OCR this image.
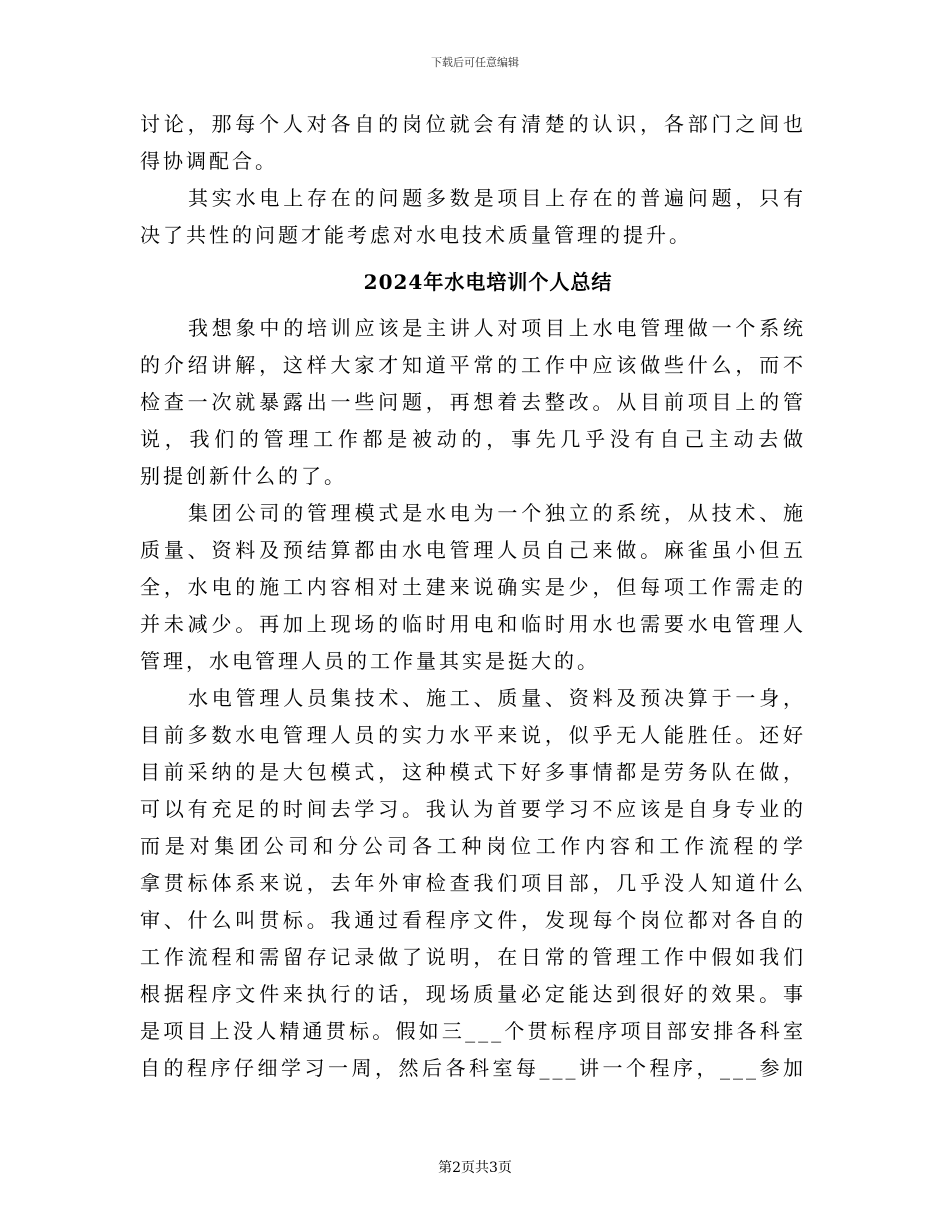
下载后可任意编辑
讨论，那每个人对各自的岗位就会有清楚的认识，各部门之间也
得协调配合。
其实水电上存在的问题多数是项目上存在的普遍问题，只有
决了共性的问题才能考虑对水电技术质量管理的提升。
2024年水电培训个人总结
我想象中的培训应该是主讲人对项目上水电管理做一个系统
的介绍讲解，这样大家才知道平常的工作中应该做些什么，而不
检查一次就暴露出一些问题，再想着去整改。从目前项目上的管
说，我们的管理工作都是被动的，事先几乎没有自己主动去做
别提创新什么的了。
集团公司的管理模式是水电为一个独立的系统，从技术、施
质量、资料及预结算都由水电管理人员自己来做。麻雀虽小但五
全，水电的施工内容相对土建来说确实是少，但每项工作需走的
并未减少。再加上现场的临时用电和临时用水也需要水电管理人
管理，水电管理人员的工作量其实是挺大的。
水电管理人员集技术、施工、质量、资料及预决算于一身，
目前多数水电管理人员的实力水平来说，似乎无人能胜任。还好
目前采纳的是大包模式，这种模式下好多事情都是劳务队在做，
可以有充足的时间去学习。我认为首要学习不应该是自身专业的
而是对集团公司和分公司各工种岗位工作内容和工作流程的学
拿贯标体系来说，去年外审检查我们项目部，几乎没人知道什么
审、什么叫贯标。我通过看程序文件，发现每个岗位都对各自的
工作流程和需留存记录做了说明，在日常的管理工作中假如我们
根据程序文件来执行的话，现场质量必定能达到很好的效果。事
是项目上没人精通贯标。假如三___个贯标程序项目部安排各科室
自的程序仔细学习一周，然后各科室每___讲一个程序，___参加
第2页共3页
